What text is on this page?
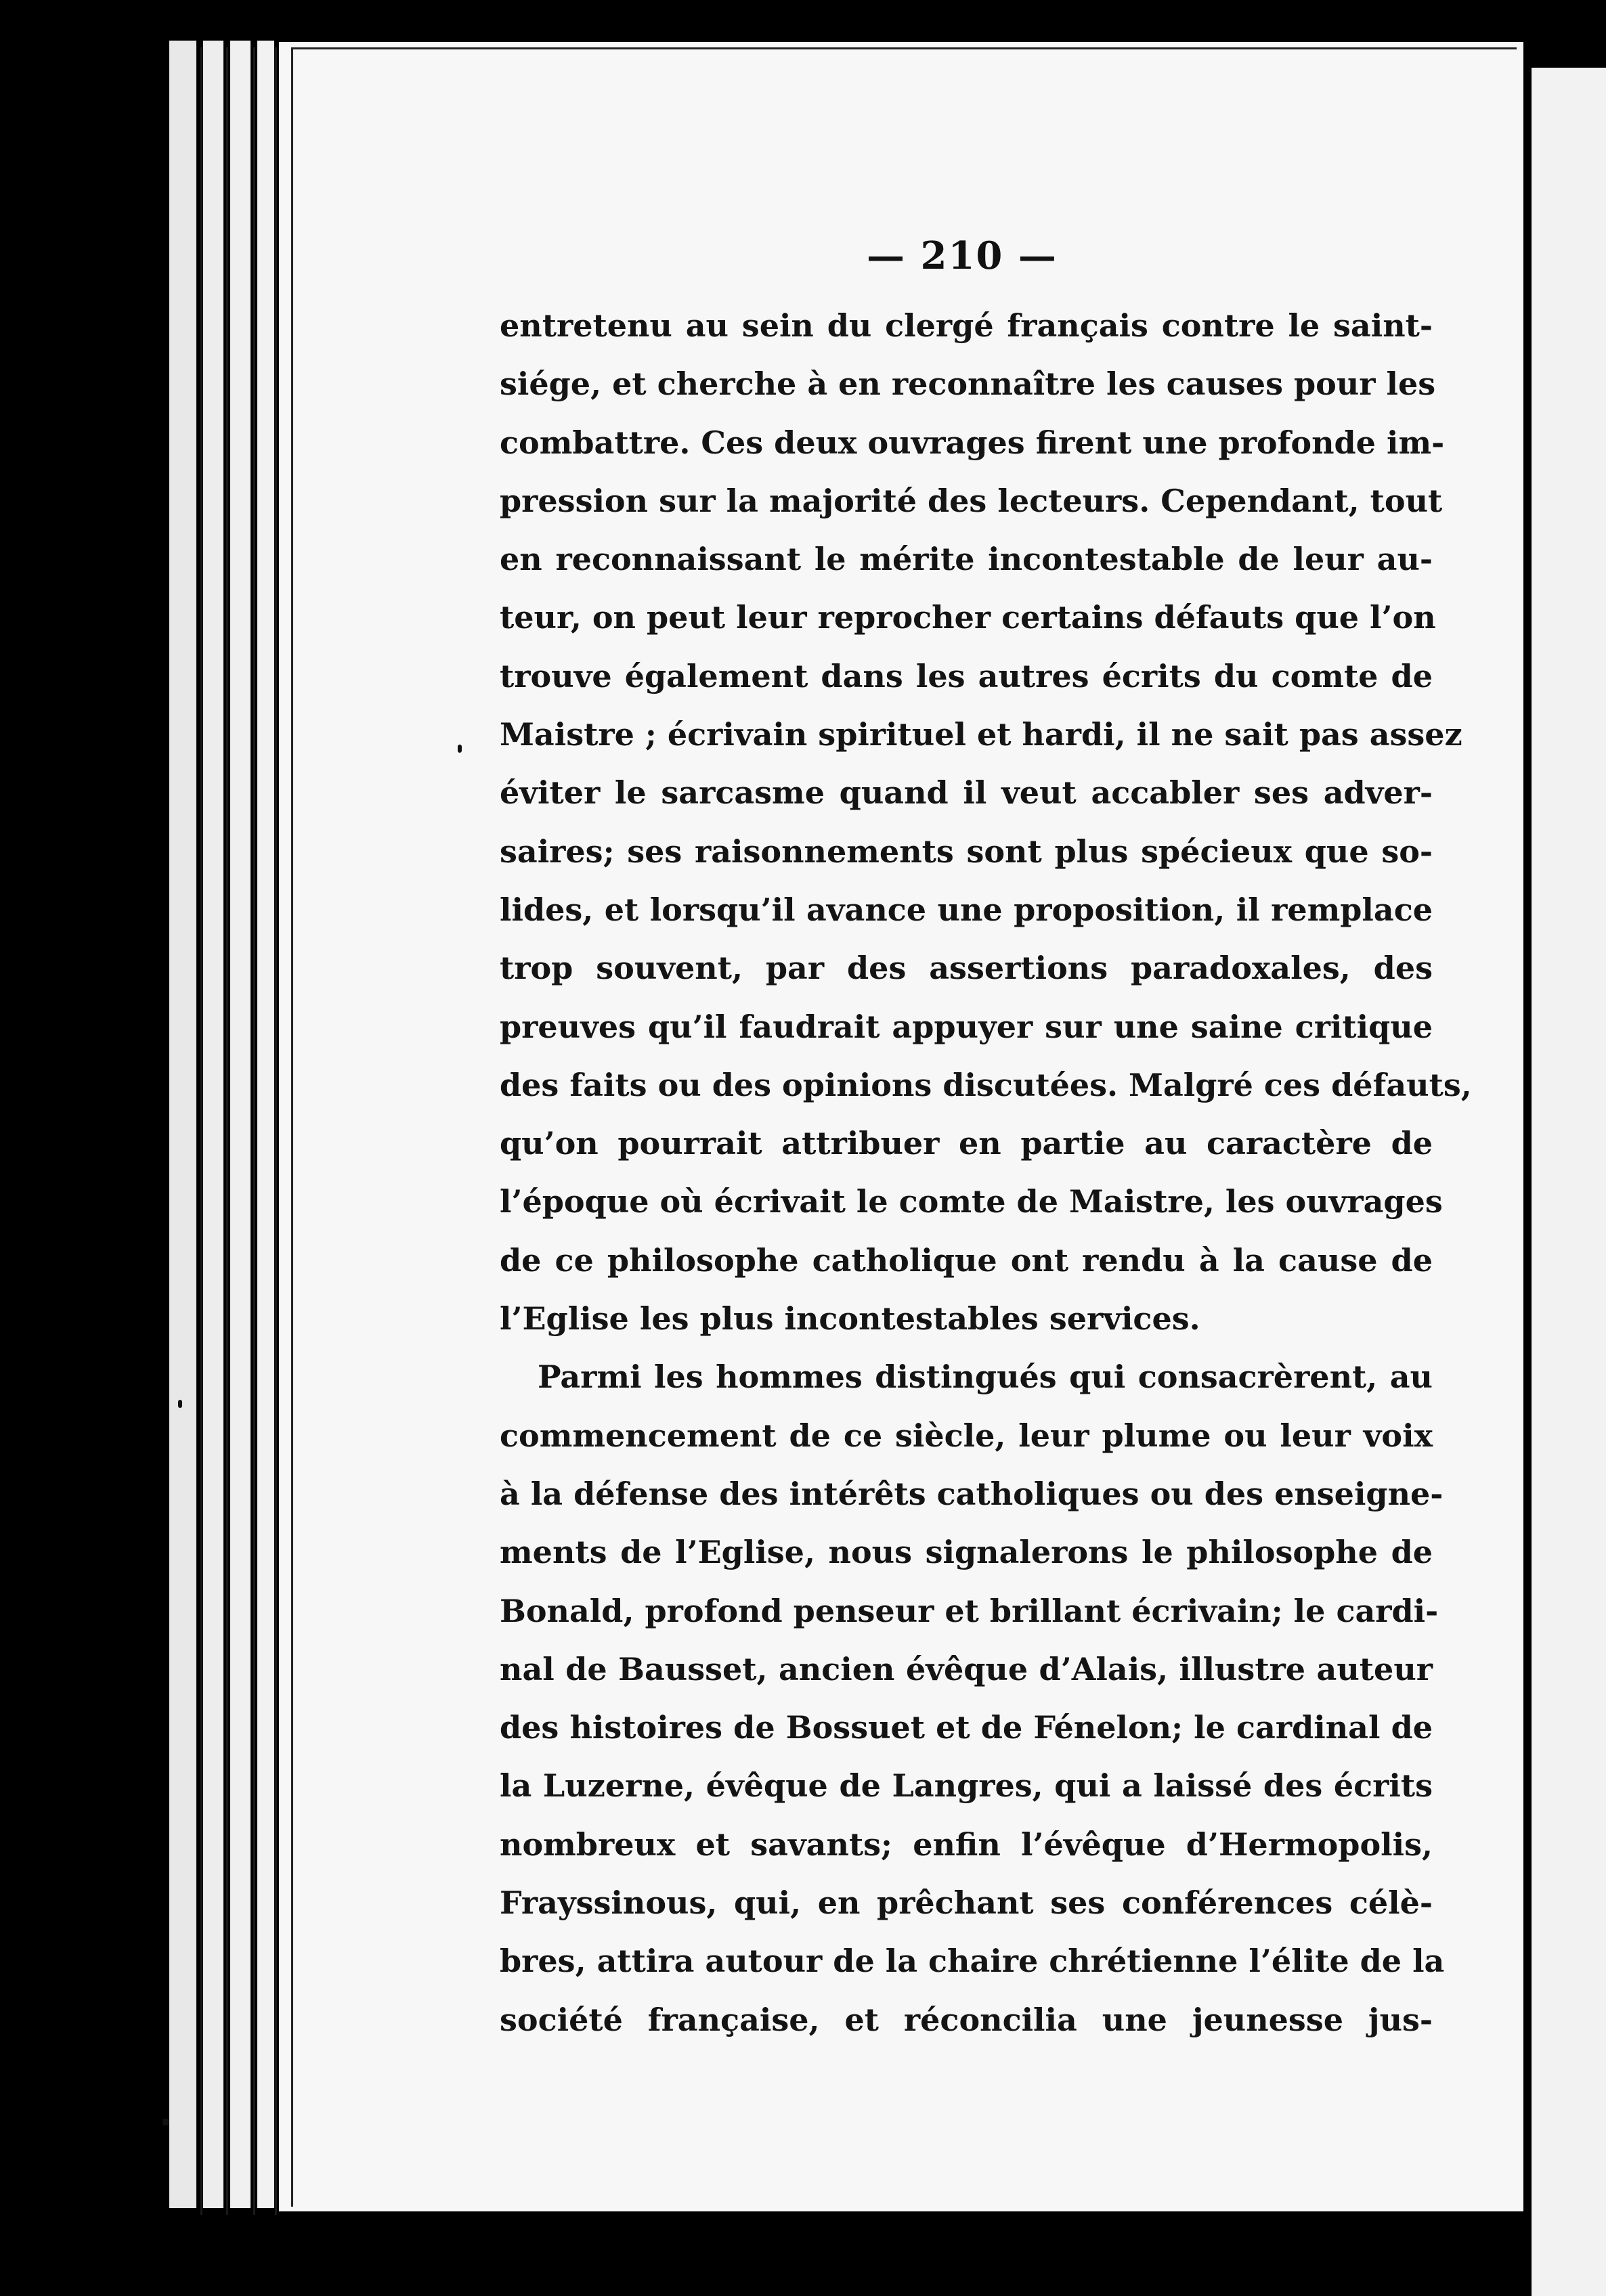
— 210 —
entretenu au sein du clergé français contre le saint-
siége, et cherche à en reconnaître les causes pour les
combattre. Ces deux ouvrages firent une profonde im-
pression sur la majorité des lecteurs. Cependant, tout
en reconnaissant le mérite incontestable de leur au-
teur, on peut leur reprocher certains défauts que l’on
trouve également dans les autres écrits du comte de
Maistre ; écrivain spirituel et hardi, il ne sait pas assez
éviter le sarcasme quand il veut accabler ses adver-
saires; ses raisonnements sont plus spécieux que so-
lides, et lorsqu’il avance une proposition, il remplace
trop souvent, par des assertions paradoxales, des
preuves qu’il faudrait appuyer sur une saine critique
des faits ou des opinions discutées. Malgré ces défauts,
qu’on pourrait attribuer en partie au caractère de
l’époque où écrivait le comte de Maistre, les ouvrages
de ce philosophe catholique ont rendu à la cause de
l’Eglise les plus incontestables services.
Parmi les hommes distingués qui consacrèrent, au
commencement de ce siècle, leur plume ou leur voix
à la défense des intérêts catholiques ou des enseigne-
ments de l’Eglise, nous signalerons le philosophe de
Bonald, profond penseur et brillant écrivain; le cardi-
nal de Bausset, ancien évêque d’Alais, illustre auteur
des histoires de Bossuet et de Fénelon; le cardinal de
la Luzerne, évêque de Langres, qui a laissé des écrits
nombreux et savants; enfin l’évêque d’Hermopolis,
Frayssinous, qui, en prêchant ses conférences célè-
bres, attira autour de la chaire chrétienne l’élite de la
société française, et réconcilia une jeunesse jus-
